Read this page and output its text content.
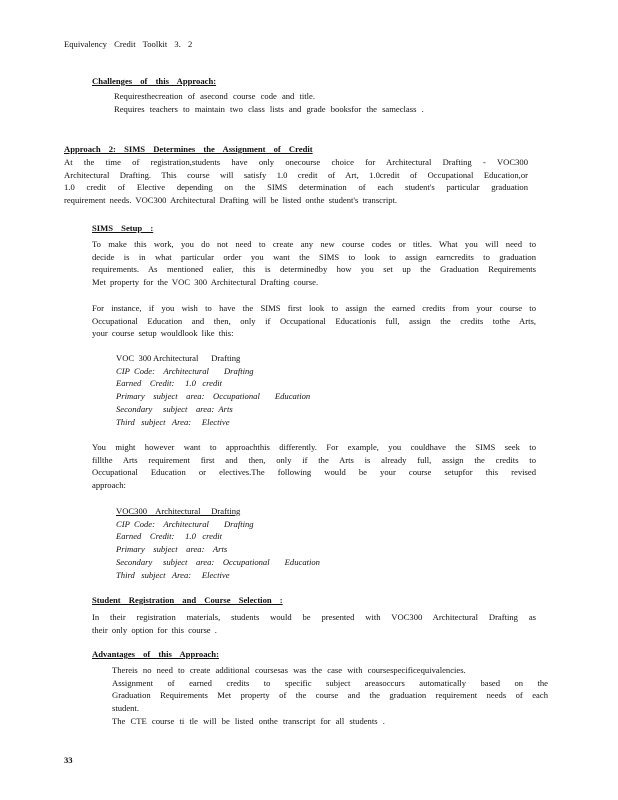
Equivalency Credit Toolkit 3. 2
Challenges of this Approach:
Requiresthecreation of asecond course code and title.
Requires teachers to maintain two class lists and grade booksfor the sameclass .
Approach 2: SIMS Determines the Assignment of Credit
At the time of registration,students have only onecourse choice for Architectural Drafting - VOC300
Architectural Drafting. This course will satisfy 1.0 credit of Art, 1.0credit of Occupational Education,or
1.0 credit of Elective depending on the SIMS determination of each student's particular graduation
requirement needs. VOC300 Architectural Drafting will be listed onthe student's transcript.
SIMS Setup :
To make this work, you do not need to create any new course codes or titles. What you will need to
decide is in what particular order you want the SIMS to look to assign earncredits to graduation
requirements. As mentioned ealier, this is determinedby how you set up the Graduation Requirements
Met property for the VOC 300 Architectural Drafting course.
For instance, if you wish to have the SIMS first look to assign the earned credits from your course to
Occupational Education and then, only if Occupational Educationis full, assign the credits tothe Arts,
your course setup wouldlook like this:
VOC  300 Architectural      Drafting
CIP  Code:    Architectural       Drafting
Earned    Credit:     1.0   credit
Primary    subject    area:    Occupational       Education
Secondary     subject    area:  Arts
Third   subject   Area:     Elective
You might however want to approachthis differently. For example, you couldhave the SIMS seek to
fillthe Arts requirement first and then, only if the Arts is already full, assign the credits to
Occupational Education or electives.The following would be your course setupfor this revised
approach:
VOC300    Architectural     Drafting
CIP  Code:    Architectural       Drafting
Earned    Credit:     1.0   credit
Primary    subject    area:    Arts
Secondary     subject    area:    Occupational       Education
Third   subject   Area:     Elective
Student Registration and Course Selection :
In their registration materials, students would be presented with VOC300 Architectural Drafting as
their only option for this course .
Advantages of this Approach:
Thereis no need to create additional coursesas was the case with coursespecificequivalencies.
Assignment of earned credits to specific subject areasoccurs automatically based on the
Graduation Requirements Met property of the course and the graduation requirement needs of each
student.
The CTE course ti tle will be listed onthe transcript for all students .
33
